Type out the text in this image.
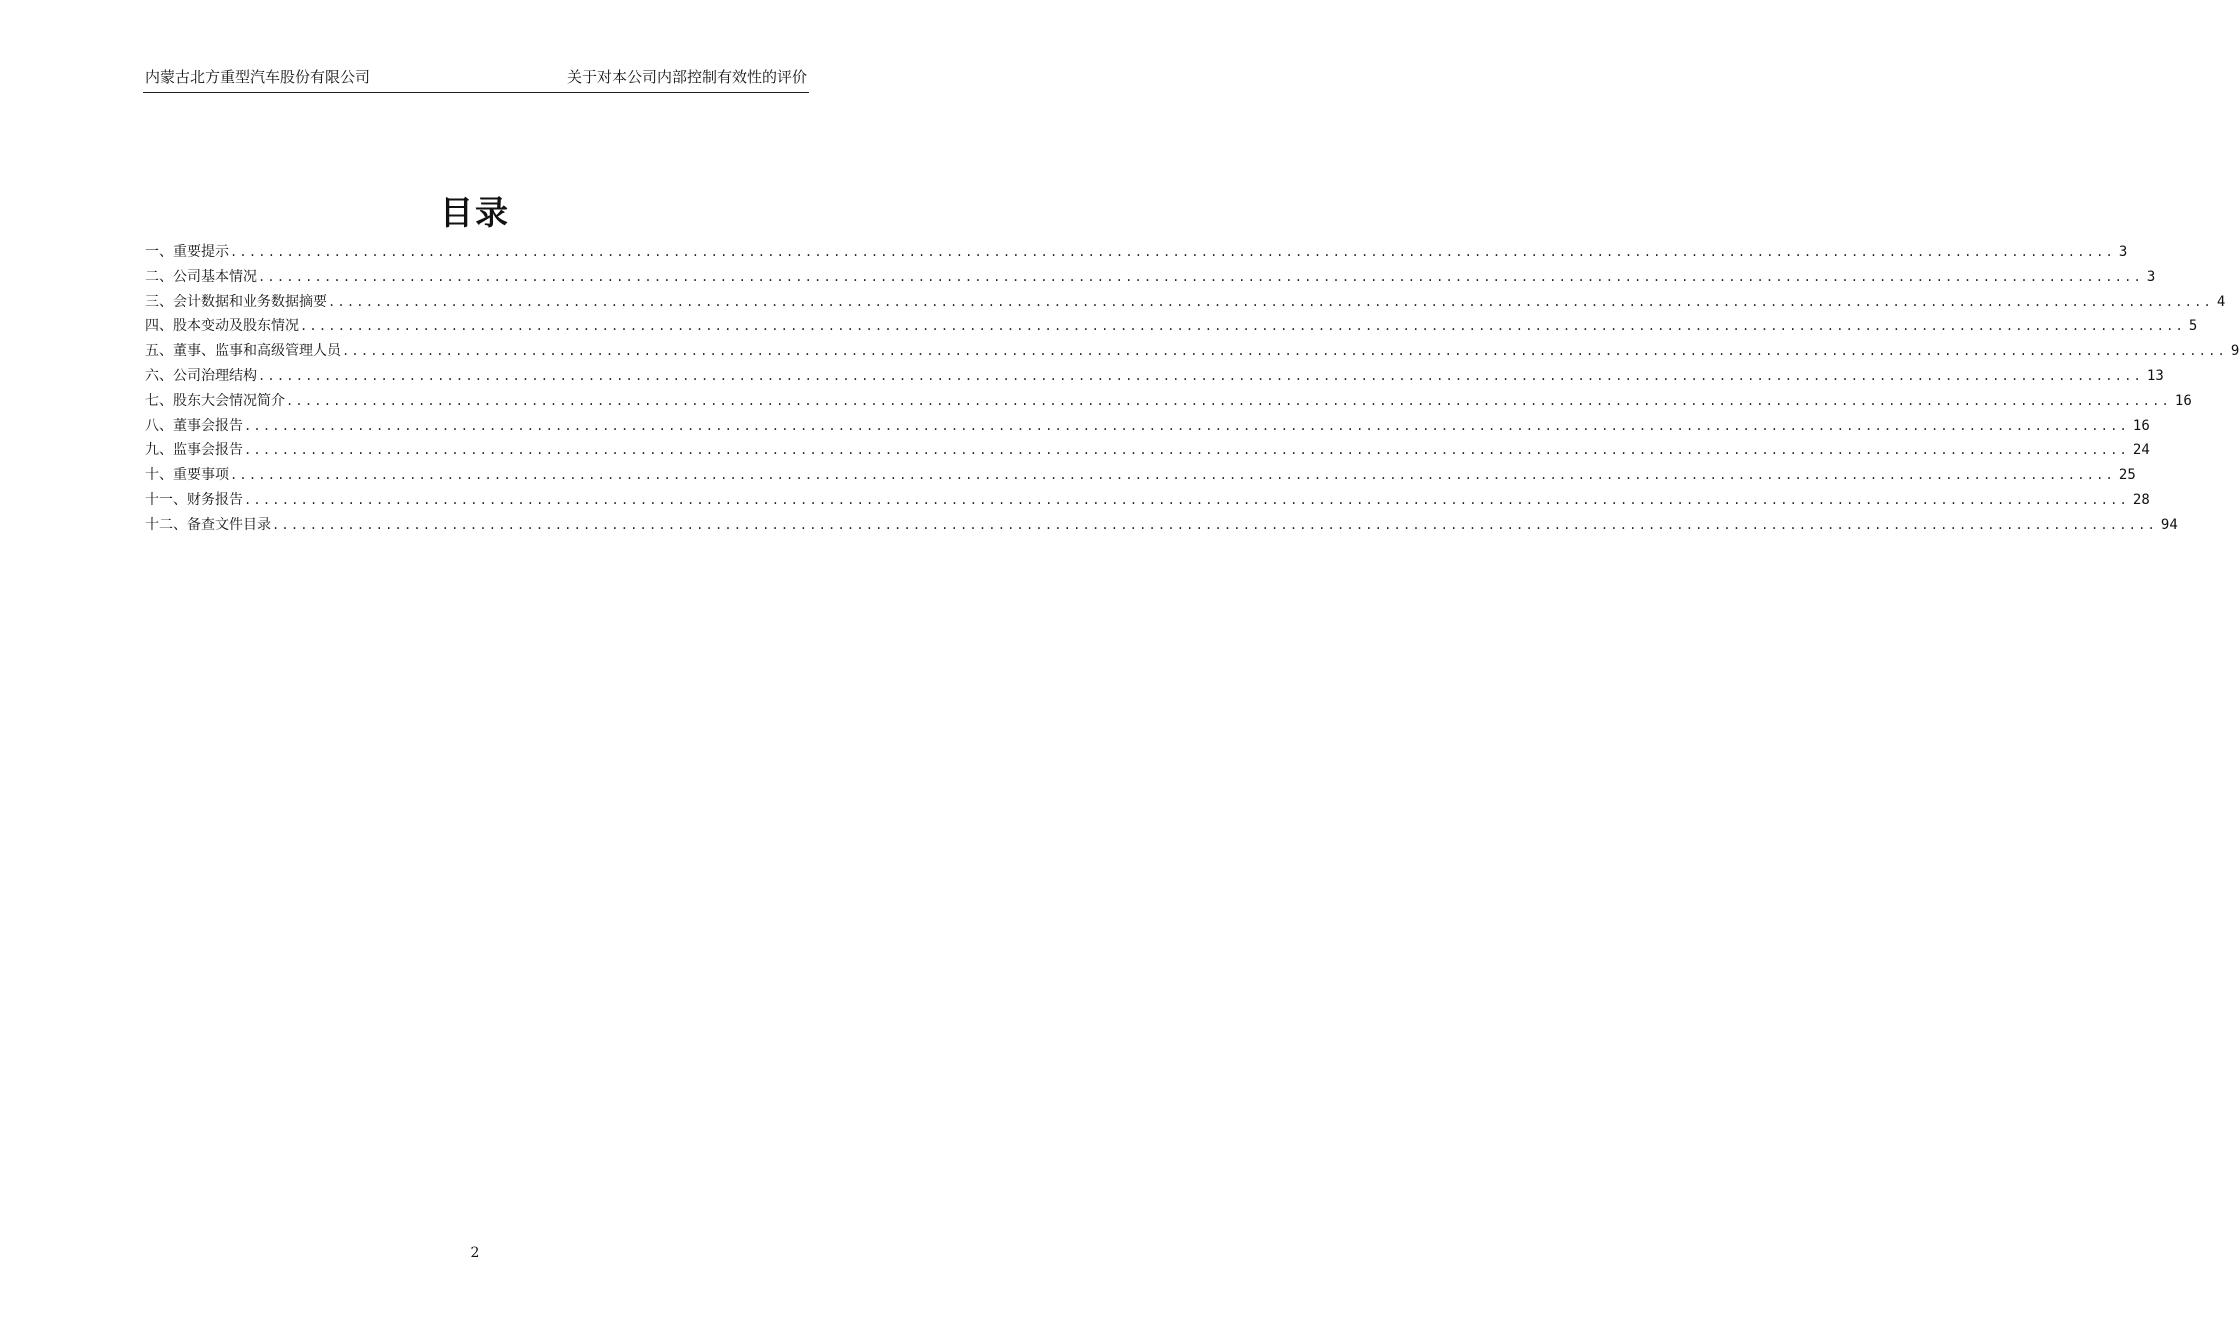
内蒙古北方重型汽车股份有限公司	关于对本公司内部控制有效性的评价
目录
一、重要提示 ........................................................................................................................................................................................................ 3
二、公司基本情况 ........................................................................................................................................................................................................ 3
三、会计数据和业务数据摘要 ........................................................................................................................................................................................................ 4
四、股本变动及股东情况 ........................................................................................................................................................................................................ 5
五、董事、监事和高级管理人员 ........................................................................................................................................................................................................ 9
六、公司治理结构 ........................................................................................................................................................................................................ 13
七、股东大会情况简介 ........................................................................................................................................................................................................ 16
八、董事会报告 ........................................................................................................................................................................................................ 16
九、监事会报告 ........................................................................................................................................................................................................ 24
十、重要事项 ........................................................................................................................................................................................................ 25
十一、财务报告 ........................................................................................................................................................................................................ 28
十二、备查文件目录 ........................................................................................................................................................................................................ 94
2
